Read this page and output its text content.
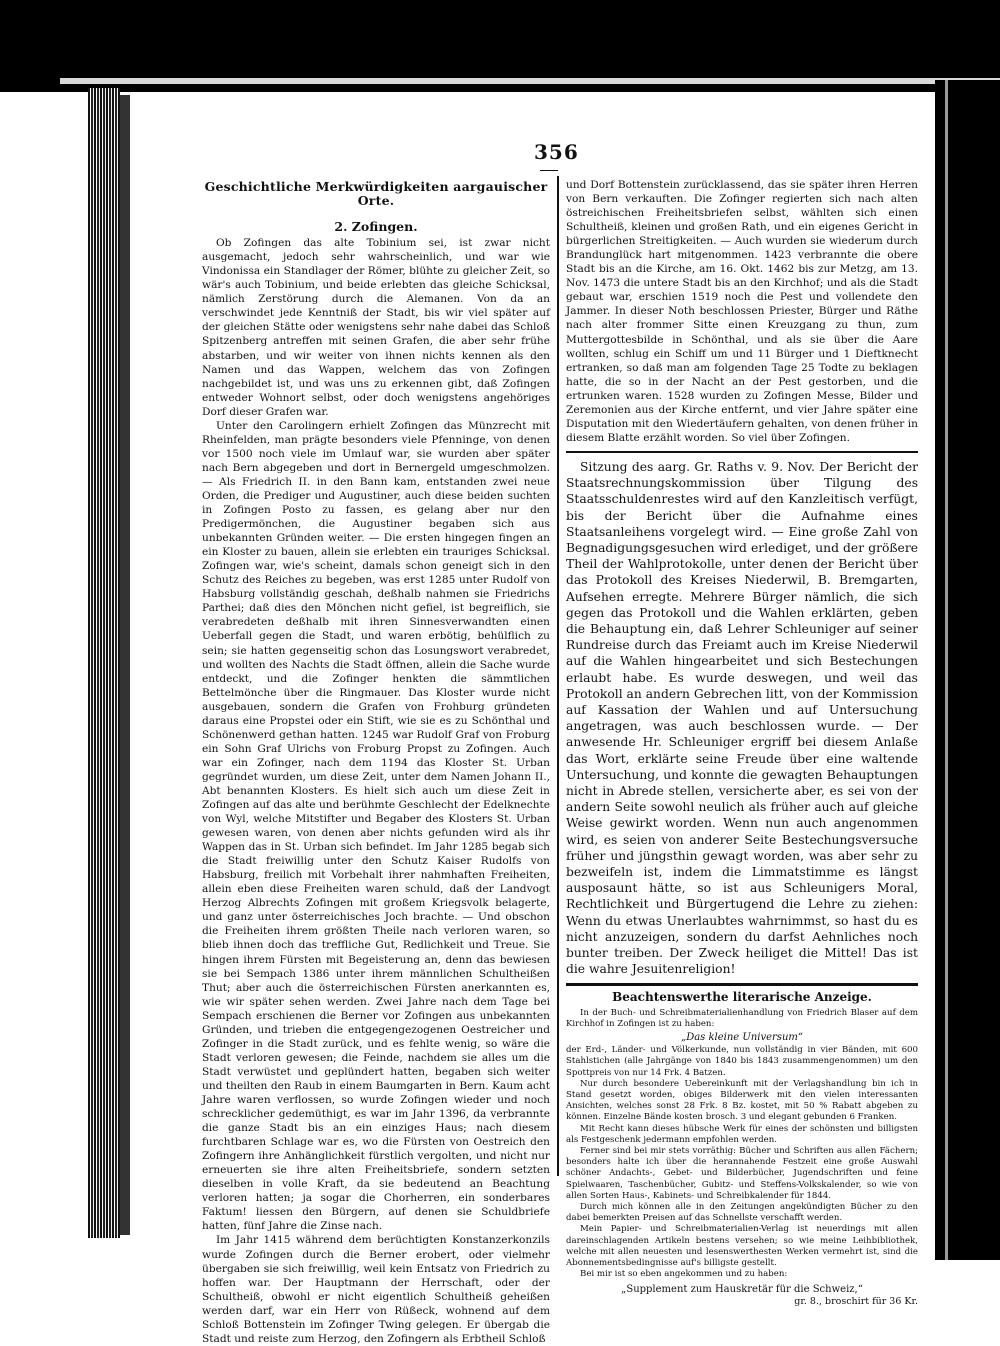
356

Geschichtliche Merkwürdigkeiten aargauischer Orte.

2. Zofingen.

Ob Zofingen das alte Tobinium sei, ist zwar nicht ausgemacht, jedoch sehr wahrscheinlich, und war wie Vindonissa ein Standlager der Römer, blühte zu gleicher Zeit, so wär's auch Tobinium, und beide erlebten das gleiche Schicksal, nämlich Zerstörung durch die Alemanen. Von da an verschwindet jede Kenntniß der Stadt, bis wir viel später auf der gleichen Stätte oder wenigstens sehr nahe dabei das Schloß Spitzenberg antreffen mit seinen Grafen, die aber sehr frühe abstarben, und wir weiter von ihnen nichts kennen als den Namen und das Wappen, welchem das von Zofingen nachgebildet ist, und was uns zu erkennen gibt, daß Zofingen entweder Wohnort selbst, oder doch wenigstens angehöriges Dorf dieser Grafen war.

Unter den Carolingern erhielt Zofingen das Münzrecht mit Rheinfelden, man prägte besonders viele Pfenninge, von denen vor 1500 noch viele im Umlauf war, sie wurden aber später nach Bern abgegeben und dort in Bernergeld umgeschmolzen. — Als Friedrich II. in den Bann kam, entstanden zwei neue Orden, die Prediger und Augustiner, auch diese beiden suchten in Zofingen Posto zu fassen, es gelang aber nur den Predigermönchen, die Augustiner begaben sich aus unbekannten Gründen weiter. — Die ersten hingegen fingen an ein Kloster zu bauen, allein sie erlebten ein trauriges Schicksal. Zofingen war, wie's scheint, damals schon geneigt sich in den Schutz des Reiches zu begeben, was erst 1285 unter Rudolf von Habsburg vollständig geschah, deßhalb nahmen sie Friedrichs Parthei; daß dies den Mönchen nicht gefiel, ist begreiflich, sie verabredeten deßhalb mit ihren Sinnesverwandten einen Ueberfall gegen die Stadt, und waren erbötig, behülflich zu sein; sie hatten gegenseitig schon das Losungswort verabredet, und wollten des Nachts die Stadt öffnen, allein die Sache wurde entdeckt, und die Zofinger henkten die sämmtlichen Bettelmönche über die Ringmauer. Das Kloster wurde nicht ausgebauen, sondern die Grafen von Frohburg gründeten daraus eine Propstei oder ein Stift, wie sie es zu Schönthal und Schönenwerd gethan hatten. 1245 war Rudolf Graf von Froburg ein Sohn Graf Ulrichs von Froburg Propst zu Zofingen. Auch war ein Zofinger, nach dem 1194 das Kloster St. Urban gegründet wurden, um diese Zeit, unter dem Namen Johann II., Abt benannten Klosters. Es hielt sich auch um diese Zeit in Zofingen auf das alte und berühmte Geschlecht der Edelknechte von Wyl, welche Mitstifter und Begaber des Klosters St. Urban gewesen waren, von denen aber nichts gefunden wird als ihr Wappen das in St. Urban sich befindet. Im Jahr 1285 begab sich die Stadt freiwillig unter den Schutz Kaiser Rudolfs von Habsburg, freilich mit Vorbehalt ihrer nahmhaften Freiheiten, allein eben diese Freiheiten waren schuld, daß der Landvogt Herzog Albrechts Zofingen mit großem Kriegsvolk belagerte, und ganz unter österreichisches Joch brachte. — Und obschon die Freiheiten ihrem größten Theile nach verloren waren, so blieb ihnen doch das treffliche Gut, Redlichkeit und Treue. Sie hingen ihrem Fürsten mit Begeisterung an, denn das bewiesen sie bei Sempach 1386 unter ihrem männlichen Schultheißen Thut; aber auch die österreichischen Fürsten anerkannten es, wie wir später sehen werden. Zwei Jahre nach dem Tage bei Sempach erschienen die Berner vor Zofingen aus unbekannten Gründen, und trieben die entgegengezogenen Oestreicher und Zofinger in die Stadt zurück, und es fehlte wenig, so wäre die Stadt verloren gewesen; die Feinde, nachdem sie alles um die Stadt verwüstet und geplündert hatten, begaben sich weiter und theilten den Raub in einem Baumgarten in Bern. Kaum acht Jahre waren verflossen, so wurde Zofingen wieder und noch schrecklicher gedemüthigt, es war im Jahr 1396, da verbrannte die ganze Stadt bis an ein einziges Haus; nach diesem furchtbaren Schlage war es, wo die Fürsten von Oestreich den Zofingern ihre Anhänglichkeit fürstlich vergolten, und nicht nur erneuerten sie ihre alten Freiheitsbriefe, sondern setzten dieselben in volle Kraft, da sie bedeutend an Beachtung verloren hatten; ja sogar die Chorherren, ein sonderbares Faktum! liessen den Bürgern, auf denen sie Schuldbriefe hatten, fünf Jahre die Zinse nach.

Im Jahr 1415 während dem berüchtigten Konstanzerkonzils wurde Zofingen durch die Berner erobert, oder vielmehr übergaben sie sich freiwillig, weil kein Entsatz von Friedrich zu hoffen war. Der Hauptmann der Herrschaft, oder der Schultheiß, obwohl er nicht eigentlich Schultheiß geheißen werden darf, war ein Herr von Rüßeck, wohnend auf dem Schloß Bottenstein im Zofinger Twing gelegen. Er übergab die Stadt und reiste zum Herzog, den Zofingern als Erbtheil Schloß

und Dorf Bottenstein zurücklassend, das sie später ihren Herren von Bern verkauften. Die Zofinger regierten sich nach alten östreichischen Freiheitsbriefen selbst, wählten sich einen Schultheiß, kleinen und großen Rath, und ein eigenes Gericht in bürgerlichen Streitigkeiten. — Auch wurden sie wiederum durch Brandunglück hart mitgenommen. 1423 verbrannte die obere Stadt bis an die Kirche, am 16. Okt. 1462 bis zur Metzg, am 13. Nov. 1473 die untere Stadt bis an den Kirchhof; und als die Stadt gebaut war, erschien 1519 noch die Pest und vollendete den Jammer. In dieser Noth beschlossen Priester, Bürger und Räthe nach alter frommer Sitte einen Kreuzgang zu thun, zum Muttergottesbilde in Schönthal, und als sie über die Aare wollten, schlug ein Schiff um und 11 Bürger und 1 Dieftknecht ertranken, so daß man am folgenden Tage 25 Todte zu beklagen hatte, die so in der Nacht an der Pest gestorben, und die ertrunken waren. 1528 wurden zu Zofingen Messe, Bilder und Zeremonien aus der Kirche entfernt, und vier Jahre später eine Disputation mit den Wiedertäufern gehalten, von denen früher in diesem Blatte erzählt worden. So viel über Zofingen.

Sitzung des aarg. Gr. Raths v. 9. Nov. Der Bericht der Staatsrechnungskommission über Tilgung des Staatsschuldenrestes wird auf den Kanzleitisch verfügt, bis der Bericht über die Aufnahme eines Staatsanleihens vorgelegt wird. — Eine große Zahl von Begnadigungsgesuchen wird erlediget, und der größere Theil der Wahlprotokolle, unter denen der Bericht über das Protokoll des Kreises Niederwil, B. Bremgarten, Aufsehen erregte. Mehrere Bürger nämlich, die sich gegen das Protokoll und die Wahlen erklärten, geben die Behauptung ein, daß Lehrer Schleuniger auf seiner Rundreise durch das Freiamt auch im Kreise Niederwil auf die Wahlen hingearbeitet und sich Bestechungen erlaubt habe. Es wurde deswegen, und weil das Protokoll an andern Gebrechen litt, von der Kommission auf Kassation der Wahlen und auf Untersuchung angetragen, was auch beschlossen wurde. — Der anwesende Hr. Schleuniger ergriff bei diesem Anlaße das Wort, erklärte seine Freude über eine waltende Untersuchung, und konnte die gewagten Behauptungen nicht in Abrede stellen, versicherte aber, es sei von der andern Seite sowohl neulich als früher auch auf gleiche Weise gewirkt worden. Wenn nun auch angenommen wird, es seien von anderer Seite Bestechungsversuche früher und jüngsthin gewagt worden, was aber sehr zu bezweifeln ist, indem die Limmatstimme es längst ausposaunt hätte, so ist aus Schleunigers Moral, Rechtlichkeit und Bürgertugend die Lehre zu ziehen: Wenn du etwas Unerlaubtes wahrnimmst, so hast du es nicht anzuzeigen, sondern du darfst Aehnliches noch bunter treiben. Der Zweck heiliget die Mittel! Das ist die wahre Jesuitenreligion!

Beachtenswerthe literarische Anzeige.

In der Buch- und Schreibmaterialienhandlung von Friedrich Blaser auf dem Kirchhof in Zofingen ist zu haben:

„Das kleine Universum“

der Erd-, Länder- und Völkerkunde, nun vollständig in vier Bänden, mit 600 Stahlstichen (alle Jahrgänge von 1840 bis 1843 zusammengenommen) um den Spottpreis von nur 14 Frk. 4 Batzen.

Nur durch besondere Uebereinkunft mit der Verlagshandlung bin ich in Stand gesetzt worden, obiges Bilderwerk mit den vielen interessanten Ansichten, welches sonst 28 Frk. 8 Bz. kostet, mit 50 % Rabatt abgeben zu können. Einzelne Bände kosten brosch. 3 und elegant gebunden 6 Franken.

Mit Recht kann dieses hübsche Werk für eines der schönsten und billigsten als Festgeschenk jedermann empfohlen werden.

Ferner sind bei mir stets vorräthig: Bücher und Schriften aus allen Fächern; besonders halte ich über die herannahende Festzeit eine große Auswahl schöner Andachts-, Gebet- und Bilderbücher, Jugendschriften und feine Spielwaaren, Taschenbücher, Gubitz- und Steffens-Volkskalender, so wie von allen Sorten Haus-, Kabinets- und Schreibkalender für 1844.

Durch mich können alle in den Zeitungen angekündigten Bücher zu den dabei bemerkten Preisen auf das Schnellste verschafft werden.

Mein Papier- und Schreibmaterialien-Verlag ist neuerdings mit allen dareinschlagenden Artikeln bestens versehen; so wie meine Leihbibliothek, welche mit allen neuesten und lesenswerthesten Werken vermehrt ist, sind die Abonnementsbedingnisse auf's billigste gestellt.

Bei mir ist so eben angekommen und zu haben:

„Supplement zum Hauskretär für die Schweiz,“

gr. 8., broschirt für 36 Kr.
